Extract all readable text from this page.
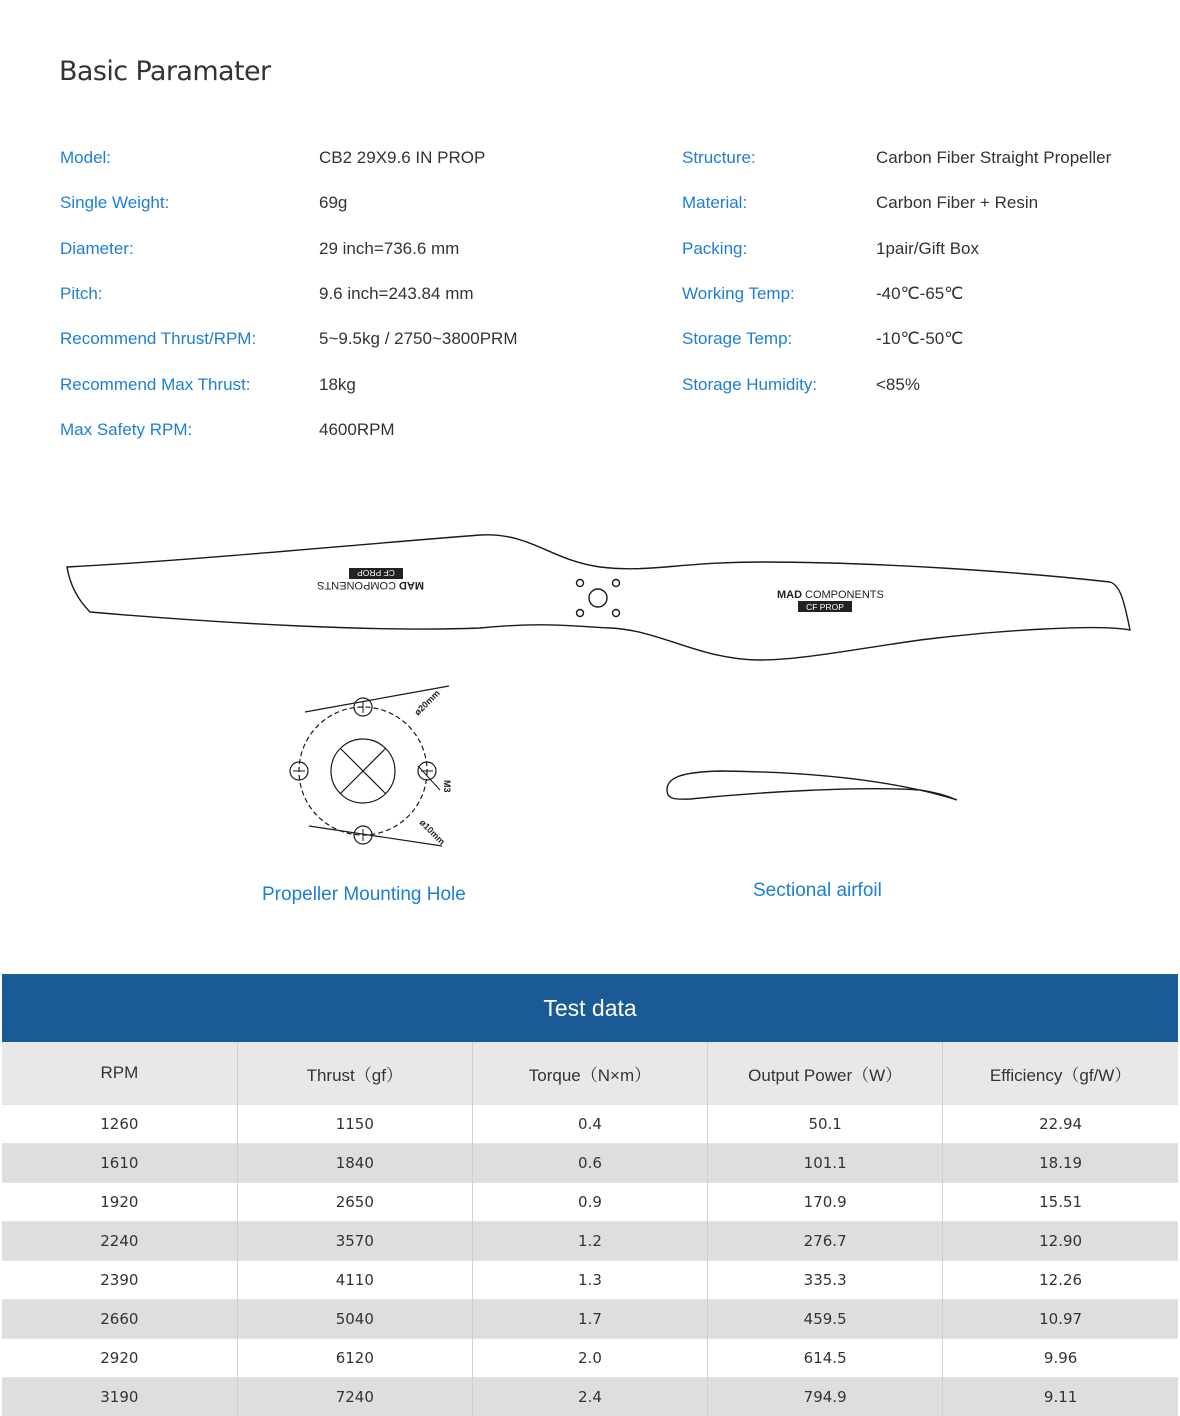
Basic Paramater
Model:	CB2 29X9.6 IN PROP	Structure:	Carbon Fiber Straight Propeller
Single Weight:	69g	Material:	Carbon Fiber + Resin
Diameter:	29 inch=736.6 mm	Packing:	1pair/Gift Box
Pitch:	9.6 inch=243.84 mm	Working Temp:	-40℃-65℃
Recommend Thrust/RPM:	5~9.5kg / 2750~3800PRM	Storage Temp:	-10℃-50℃
Recommend Max Thrust:	18kg	Storage Humidity:	<85%
Max Safety RPM:	4600RPM
MAD
COMPONENTS
CF PROP
MAD COMPONENTS
CF PROP
ø20mm
ø10mm
M3
Propeller Mounting Hole	Sectional airfoil
Test data
RPM	Thrust（gf）	Torque（N×m）	Output Power（W）	Efficiency（gf/W）
1260	1150	0.4	50.1	22.94
1610	1840	0.6	101.1	18.19
1920	2650	0.9	170.9	15.51
2240	3570	1.2	276.7	12.90
2390	4110	1.3	335.3	12.26
2660	5040	1.7	459.5	10.97
2920	6120	2.0	614.5	9.96
3190	7240	2.4	794.9	9.11
